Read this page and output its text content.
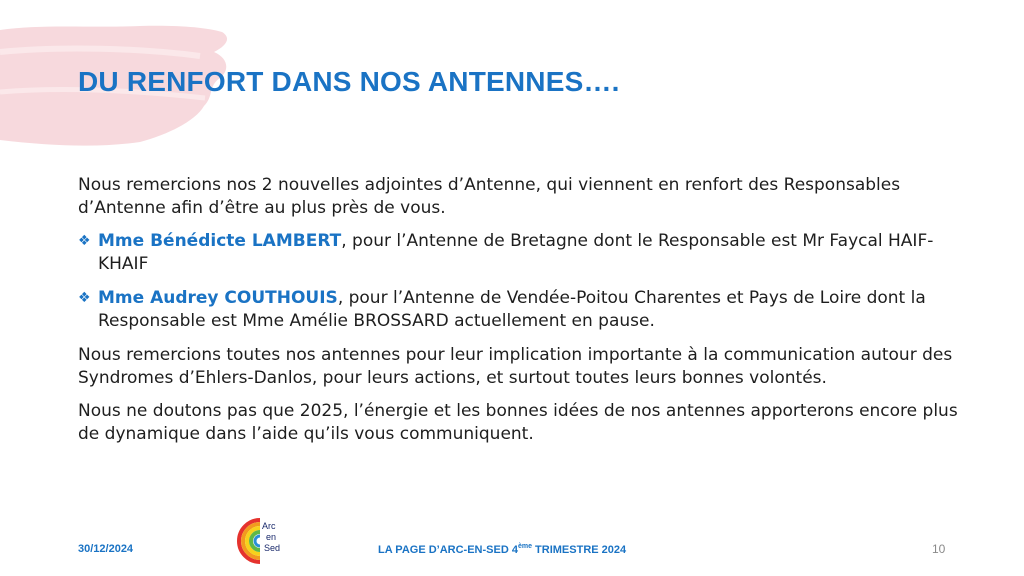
DU RENFORT DANS NOS ANTENNES….

Nous remercions nos 2 nouvelles adjointes d’Antenne, qui viennent en renfort des Responsables d’Antenne afin d’être au plus près de vous.

❖ Mme Bénédicte LAMBERT, pour l’Antenne de Bretagne dont le Responsable est Mr Faycal HAIF-KHAIF
❖ Mme Audrey COUTHOUIS, pour l’Antenne de Vendée-Poitou Charentes et Pays de Loire dont la Responsable est Mme Amélie BROSSARD actuellement en pause.

Nous remercions toutes nos antennes pour leur implication importante à la communication autour des Syndromes d’Ehlers-Danlos, pour leurs actions, et surtout toutes leurs bonnes volontés.

Nous ne doutons pas que 2025, l’énergie et les bonnes idées de nos antennes apporterons encore plus de dynamique dans l’aide qu’ils vous communiquent.

30/12/2024
Arc
en
Sed	LA PAGE D’ARC-EN-SED 4ème TRIMESTRE 2024	10
